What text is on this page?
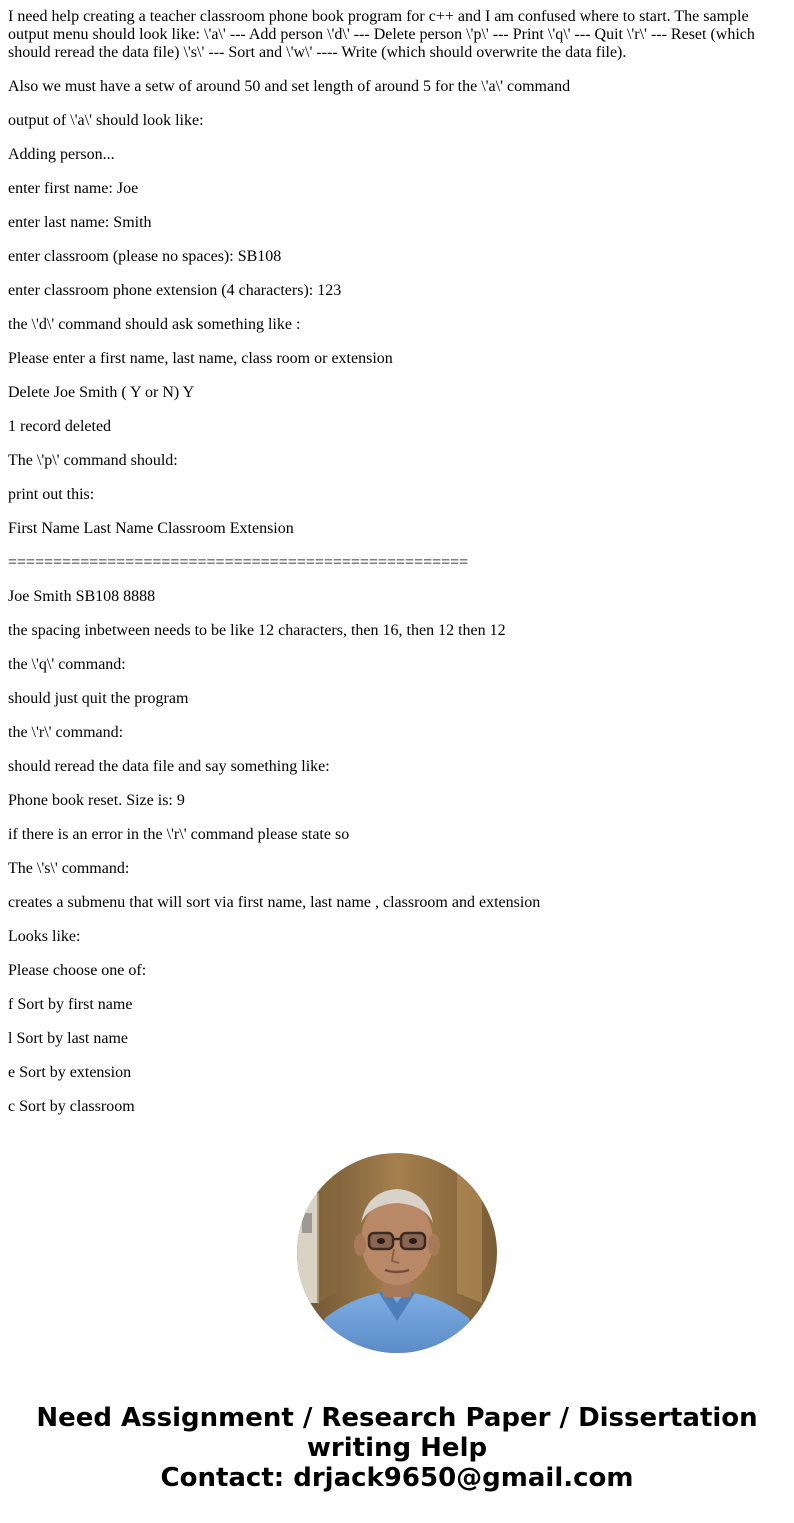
I need help creating a teacher classroom phone book program for c++ and I am confused where to start. The sample output menu should look like: \'a\' --- Add person \'d\' --- Delete person \'p\' --- Print \'q\' --- Quit \'r\' --- Reset (which should reread the data file) \'s\' --- Sort and \'w\' ---- Write (which should overwrite the data file).

Also we must have a setw of around 50 and set length of around 5 for the \'a\' command

output of \'a\' should look like:

Adding person...

enter first name: Joe

enter last name: Smith

enter classroom (please no spaces): SB108

enter classroom phone extension (4 characters): 123

the \'d\' command should ask something like :

Please enter a first name, last name, class room or extension

Delete Joe Smith ( Y or N) Y

1 record deleted

The \'p\' command should:

print out this:

First Name Last Name Classroom Extension

===================================================

Joe Smith SB108 8888

the spacing inbetween needs to be like 12 characters, then 16, then 12 then 12

the \'q\' command:

should just quit the program

the \'r\' command:

should reread the data file and say something like:

Phone book reset. Size is: 9

if there is an error in the \'r\' command please state so

The \'s\' command:

creates a submenu that will sort via first name, last name , classroom and extension

Looks like:

Please choose one of:

f Sort by first name

l Sort by last name

e Sort by extension

c Sort by classroom

Need Assignment / Research Paper / Dissertation
writing Help
Contact: drjack9650@gmail.com
